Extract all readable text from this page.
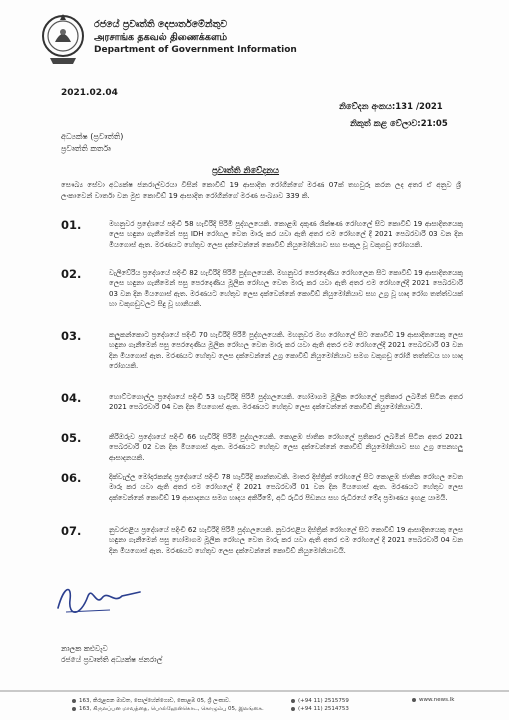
රජයේ ප්‍රවෘත්ති දෙපාර්තමේන්තුව
அரசாங்க தகவல் திணைக்களம்
Department of Government Information
2021.02.04
නිවේදන අංකය:131 /2021
නිකුත් කළ වේලාව:21:05
අධ්‍යක්ෂ (ප්‍රවෘත්ති)
ප්‍රවෘත්ති කර්තෘ
ප්‍රවෘත්ති නිවේදනය
සෞඛ්‍ය සේවා අධ්‍යක්ෂ ජනරාල්වරයා විසින් කොවිඩ් 19 ආසාදිත රෝගීන්ගේ මරණ 07ක් තහවුරු කරන ලද අතර ඒ අනුව ශ්‍රී ලංකාවෙන් වාර්තා වන මුළු කොවිඩ් 19 ආසාදිත රෝගීන්ගේ මරණ සංඛ්‍යාව 339 කි.
01.	මහනුවර ප්‍රදේශයේ පදිංචි 58 හැවිරිදි පිරිමි පුද්ගලයෙකි. කොළඹ දකුණ ශික්ෂණ රෝහලේ සිට කොවිඩ් 19 ආසාදිතයෙකු ලෙස හඳුනා ගැනීමෙන් පසු IDH රෝහල වෙත මාරු කර යවා ඇති අතර එම රෝහලේ දී 2021 පෙබරවාරි 03 වන දින මියගොස් ඇත. මරණයට හේතුව ලෙස දක්වෙන්නේ කොවිඩ් නියුමෝනියාව සහ සංකූල වූ වකුගඩු රෝගයකි.
02.	වැලිවේරිය ප්‍රදේශයේ පදිංචි 82 හැවිරිදි පිරිමි පුද්ගලයෙකි. මහනුවර පෙරදෙණිය රෝහලෙන සිට කොවිඩ් 19 ආසාදිතයෙකු ලෙස හඳුනා ගැනීමෙන් පසු පෙරදෙණිය මූලික රෝහල වෙත මාරු කර යවා ඇති අතර එම රෝහලේදී 2021 පෙබරවාරි 03 වන දින මියගොස් ඇත. මරණයට හේතුව ලෙස දක්වෙන්නේ කොවිඩ් නියුමෝනියාව සහ උග්‍ර වූ හෘද රෝග තත්ත්වයක් හා වකුගඩුවලට සිදු වූ හානියකි.
03.	කලුකන්කොට ප්‍රදේශයේ පදිංචි 70 හැවිරිදි පිරිමි පුද්ගලයෙකි. මහනුවර මහ රෝහලේ සිට කොවිඩ් 19 ආසාදිතයෙකු ලෙස හඳුනා ගැනීමෙන් පසු පෙරදෙණිය මූලික රෝහල වෙත මාරු කර යවා ඇති අතර එම රෝහලේදී 2021 පෙබරවාරි 03 වන දින මියගොස් ඇත. මරණයට හේතුව ලෙස දක්වෙන්නේ උග්‍ර කොවිඩ් නියුමෝනියාව සමග වකුගඩු රෝගී තත්ත්වය හා හෘද රෝගයකි.
04.	හොට්ටගොල්ල ප්‍රදේශයේ පදිංචි 53 හැවිරිදි පිරිමි පුද්ගලයෙකි. හෝමාගම මූලික රෝහලේ ප්‍රතිකාර ලබමින් සිටින අතර 2021 පෙබරවාරි 04 වන දින මියගොස් ඇත. මරණයට හේතුව ලෙස දක්වෙන්නේ කොවිඩ් නියුමෝනියාවයි.
05.	කිරිඔරුව ප්‍රදේශයේ පදිංචි 66 හැවිරිදි පිරිමි පුද්ගලයෙකි. කොළඹ ජාතික රෝහලේ ප්‍රතිකාර ලබමින් සිටින අතර 2021 පෙබරවාරි 02 වන දින මියගොස් ඇත. මරණයට හේතුව ලෙස දක්වෙන්නේ කොවිඩ් නියුමෝනියාව සහ උග්‍ර පෙනහලු ආසාදනයකි.
06.	දික්වැල්ල මෝදරකන්ද ප්‍රදේශයේ පදිංචි 78 හැවිරිදි කාන්තාවකි. මාතර දිස්ත්‍රික් රෝහලේ සිට කොළඹ ජාතික රෝහල වෙත මාරු කර යවා ඇති අතර එම රෝහලේ දී 2021 පෙබරවාරි 01 වන දින මියගොස් ඇත. මරණයට හේතුව ලෙස දක්වෙන්නේ කොවිඩ් 19 ආසාදනය සමග හෘදය අකිරීමේ, අධි රුධිර පීඩනය සහ රුධිරයේ මේද ප්‍රමාණය ඉහළ යාමයි.
07.	නුවරඑළිය ප්‍රදේශයේ පදිංචි 62 හැවිරිදි පිරිමි පුද්ගලයෙකි. නුවරඑළිය දිස්ත්‍රික් රෝහලේ සිට කොවිඩ් 19 ආසාදිතයෙකු ලෙස හඳුනා ගැනීමෙන් පසු හෝමාගම මූලික රෝහල වෙත මාරු කර යවා ඇති අතර එම රෝහලේ දී 2021 පෙබරවාරි 04 වන දින මියගොස් ඇත. මරණයට හේතුව ලෙස දක්වෙන්නේ කොවිඩ් නියුමෝනියාවයි.
නාලක කළුවැව
රජයේ ප්‍රවෘත්ති අධ්‍යක්ෂ ජනරාල්
163, කිරුළපන මාවත, පොල්හේන්ගොඩ, කොළඹ 05, ශ්‍රී ලංකාව.
163, கிருலப்பன மாவத்தை, பொல்ஹேன்கொட, கொழும்பு 05, இலங்கை.
(+94 11) 2515759
(+94 11) 2514753
www.news.lk
